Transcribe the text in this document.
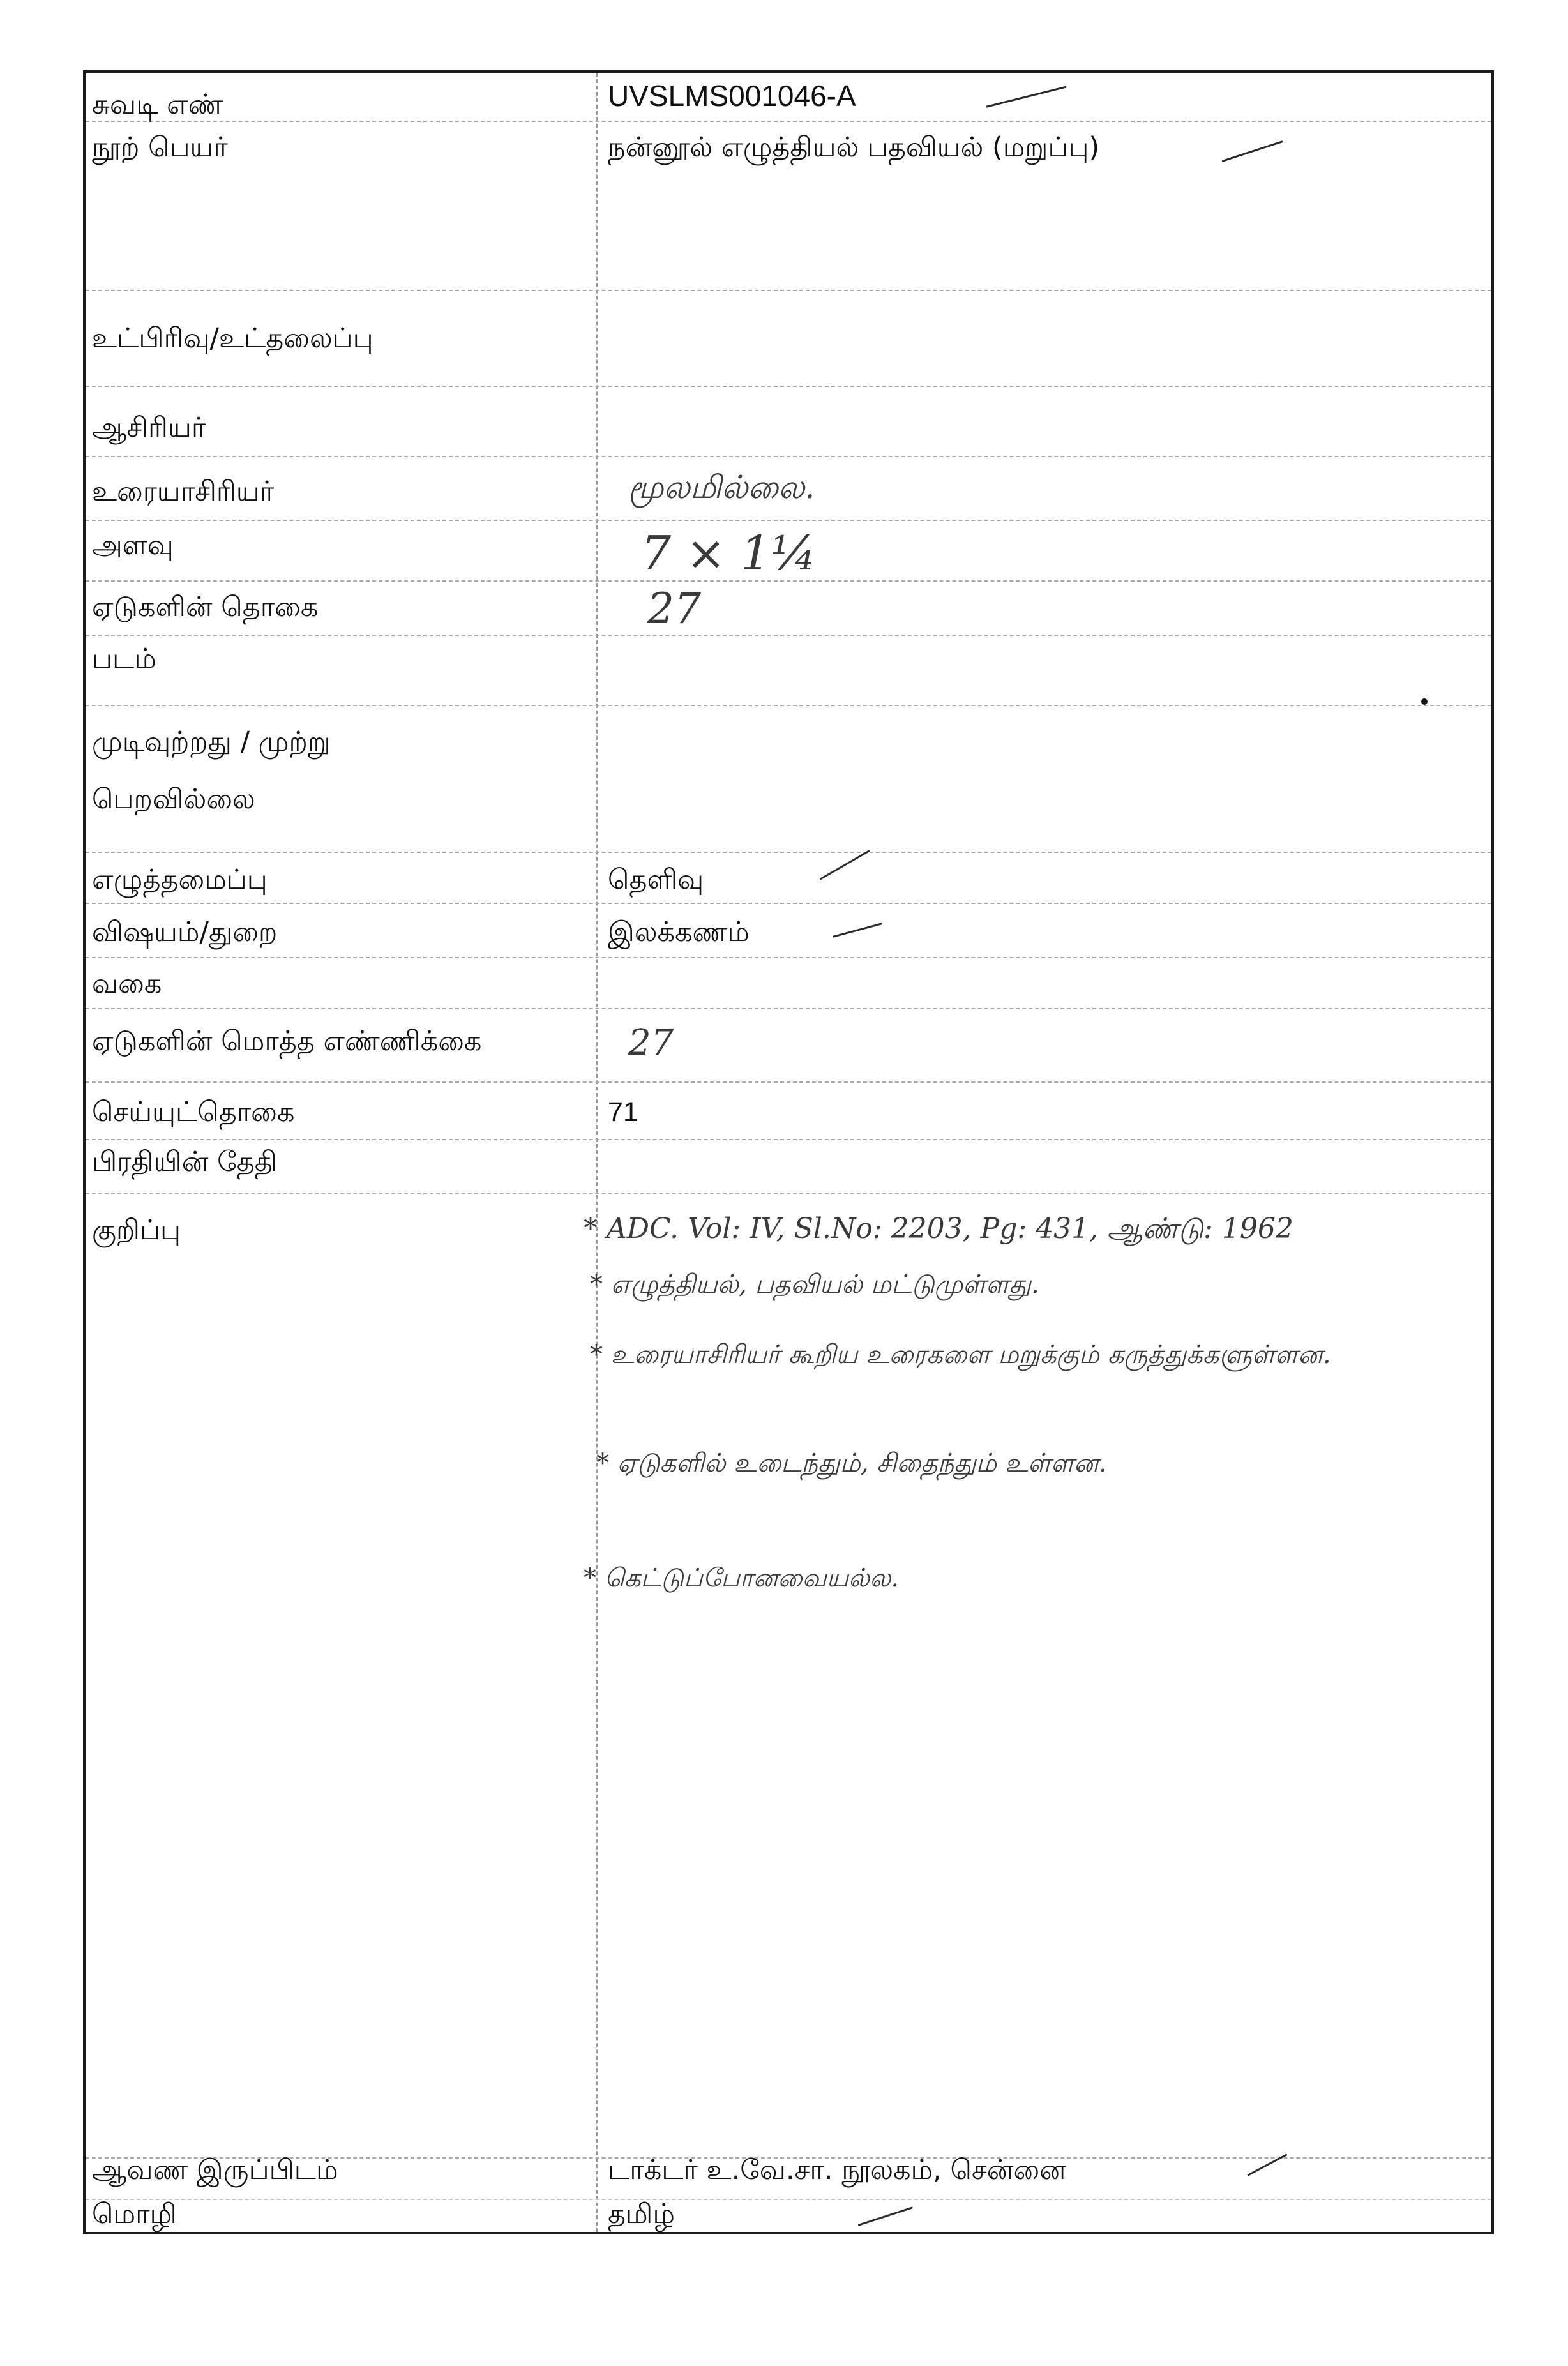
சுவடி எண்	UVSLMS001046-A
நூற் பெயர்	நன்னூல் எழுத்தியல் பதவியல் (மறுப்பு)
உட்பிரிவு/உட்தலைப்பு
ஆசிரியர்
உரையாசிரியர்	மூலமில்லை.
அளவு	7 × 1¼
ஏடுகளின் தொகை	27
படம்
முடிவுற்றது / முற்று
பெறவில்லை
எழுத்தமைப்பு	தெளிவு
விஷயம்/துறை	இலக்கணம்
வகை
ஏடுகளின் மொத்த எண்ணிக்கை	27
செய்யுட்தொகை	71
பிரதியின் தேதி
குறிப்பு	* ADC. Vol: IV, Sl.No: 2203, Pg: 431, ஆண்டு: 1962
* எழுத்தியல், பதவியல் மட்டுமுள்ளது.
* உரையாசிரியர் கூறிய உரைகளை மறுக்கும் கருத்துக்களுள்ளன.
* ஏடுகளில் உடைந்தும், சிதைந்தும் உள்ளன.
* கெட்டுப்போனவையல்ல.
ஆவண இருப்பிடம்	டாக்டர் உ.வே.சா. நூலகம், சென்னை
மொழி	தமிழ்
